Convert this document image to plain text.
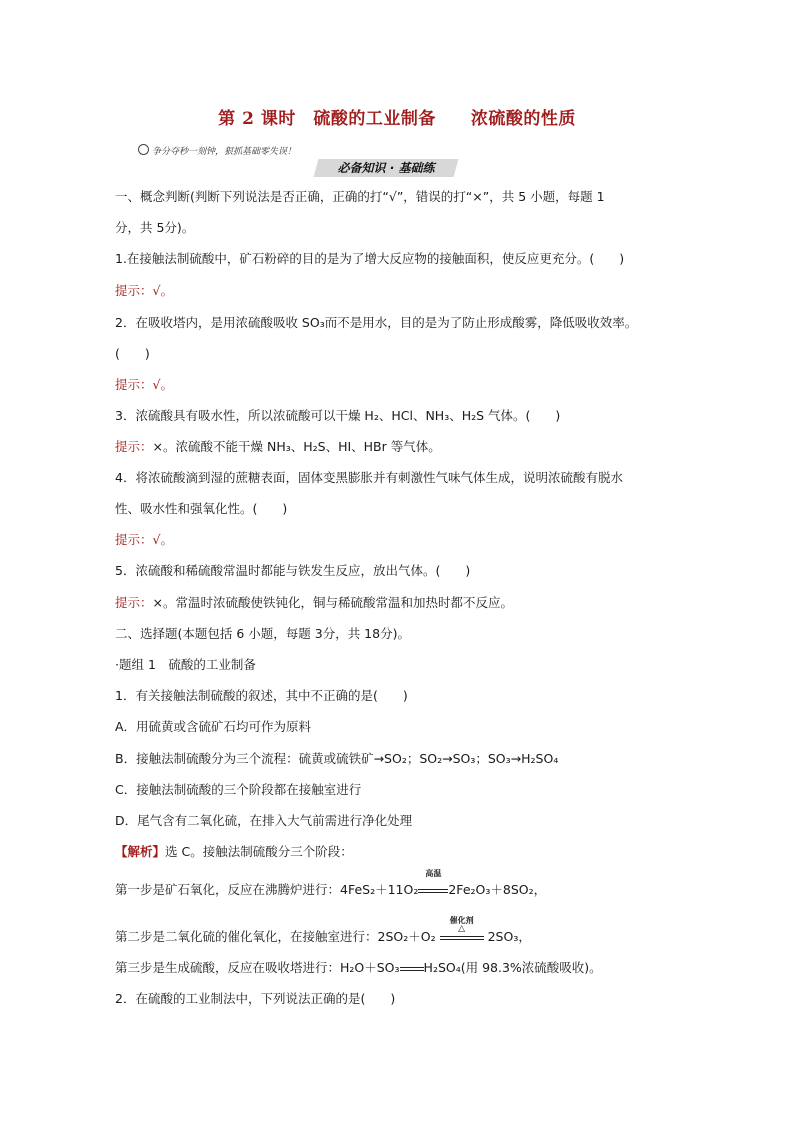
第 2 课时　硫酸的工业制备　　浓硫酸的性质
争分夺秒一刻钟，狠抓基础零失误！
必备知识 · 基础练
一、概念判断(判断下列说法是否正确，正确的打“√”，错误的打“×”，共 5 小题，每题 1
分，共 5分)。
1.在接触法制硫酸中，矿石粉碎的目的是为了增大反应物的接触面积，使反应更充分。(　　)
提示：√。
2．在吸收塔内，是用浓硫酸吸收 SO₃而不是用水，目的是为了防止形成酸雾，降低吸收效率。
(　　)
提示：√。
3．浓硫酸具有吸水性，所以浓硫酸可以干燥 H₂、HCl、NH₃、H₂S 气体。(　　)
提示：×。浓硫酸不能干燥 NH₃、H₂S、HI、HBr 等气体。
4．将浓硫酸滴到湿的蔗糖表面，固体变黑膨胀并有刺激性气味气体生成，说明浓硫酸有脱水
性、吸水性和强氧化性。(　　)
提示：√。
5．浓硫酸和稀硫酸常温时都能与铁发生反应，放出气体。(　　)
提示：×。常温时浓硫酸使铁钝化，铜与稀硫酸常温和加热时都不反应。
二、选择题(本题包括 6 小题，每题 3分，共 18分)。
·题组 1　硫酸的工业制备
1．有关接触法制硫酸的叙述，其中不正确的是(　　)
A．用硫黄或含硫矿石均可作为原料
B．接触法制硫酸分为三个流程：硫黄或硫铁矿→SO₂；SO₂→SO₃；SO₃→H₂SO₄
C．接触法制硫酸的三个阶段都在接触室进行
D．尾气含有二氧化硫，在排入大气前需进行净化处理
【解析】选 C。接触法制硫酸分三个阶段：
第一步是矿石氧化，反应在沸腾炉进行：4FeS₂＋11O₂
高温
2Fe₂O₃＋8SO₂，
第二步是二氧化硫的催化氧化，在接触室进行：2SO₂＋O₂
催化剂
△	2SO₃，
第三步是生成硫酸，反应在吸收塔进行：H₂O＋SO₃ H₂SO₄(用 98.3%浓硫酸吸收)。
2．在硫酸的工业制法中，下列说法正确的是(　　)
